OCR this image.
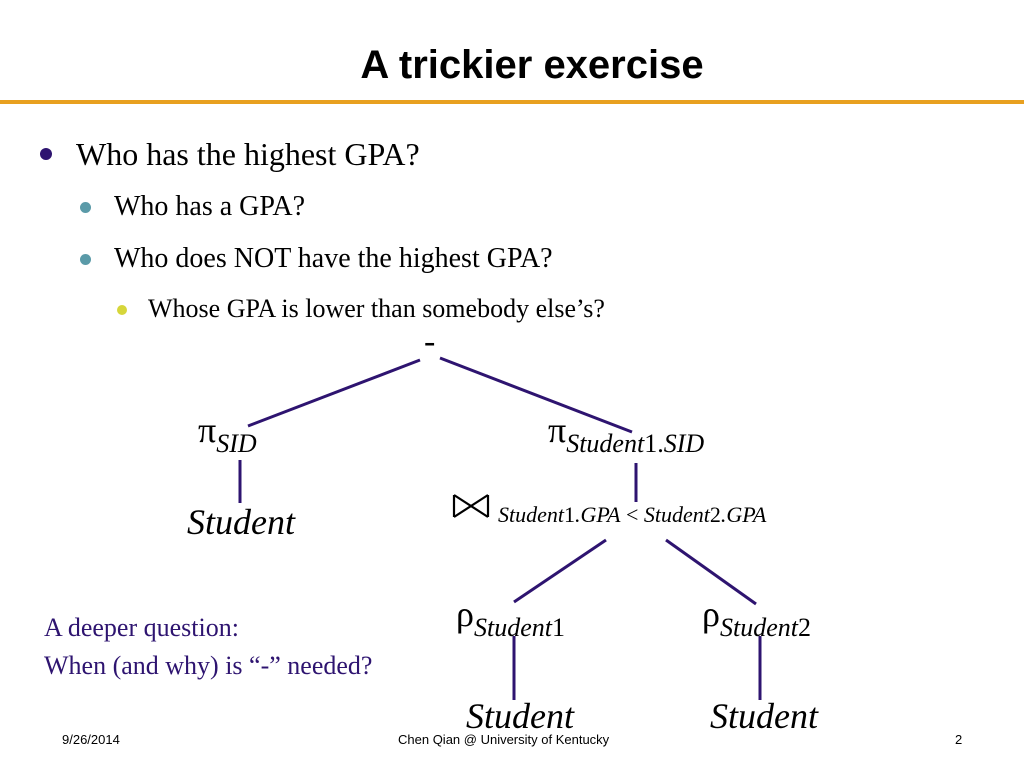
A trickier exercise
Who has the highest GPA?
Who has a GPA?
Who does NOT have the highest GPA?
Whose GPA is lower than somebody else’s?
-
$\pi_{SID}$	$\pi_{Student1.SID}$
Student	Student1.GPA < Student2.GPA
$\rho_{Student1}$	$\rho_{Student2}$
Student	Student
A deeper question:
When (and why) is “-” needed?
9/26/2014	Chen Qian @ University of Kentucky	2
